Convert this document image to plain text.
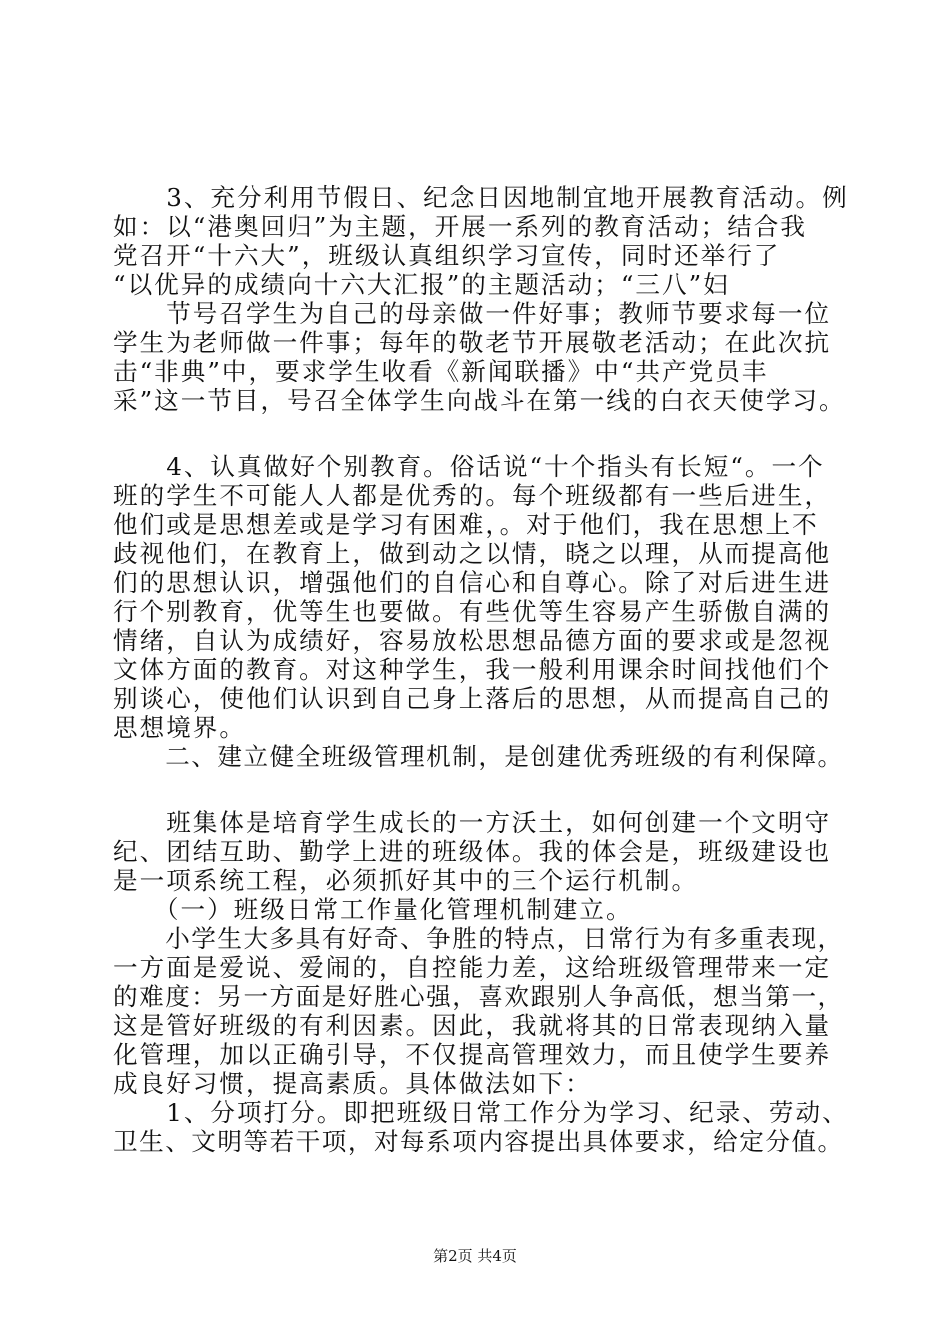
　　3、充分利用节假日、纪念日因地制宜地开展教育活动。例

如：以“港奥回归”为主题，开展一系列的教育活动；结合我

党召开“十六大”，班级认真组织学习宣传，同时还举行了

“以优异的成绩向十六大汇报”的主题活动；“三八”妇

　　节号召学生为自己的母亲做一件好事；教师节要求每一位

学生为老师做一件事；每年的敬老节开展敬老活动；在此次抗

击“非典”中，要求学生收看《新闻联播》中“共产党员丰

采”这一节目，号召全体学生向战斗在第一线的白衣天使学习。

　　4、认真做好个别教育。俗话说“十个指头有长短“。一个

班的学生不可能人人都是优秀的。每个班级都有一些后进生，

他们或是思想差或是学习有困难，。对于他们，我在思想上不

歧视他们，在教育上，做到动之以情，晓之以理，从而提高他

们的思想认识，增强他们的自信心和自尊心。除了对后进生进

行个别教育，优等生也要做。有些优等生容易产生骄傲自满的

情绪，自认为成绩好，容易放松思想品德方面的要求或是忽视

文体方面的教育。对这种学生，我一般利用课余时间找他们个

别谈心，使他们认识到自己身上落后的思想，从而提高自己的

思想境界。

　　二、建立健全班级管理机制，是创建优秀班级的有利保障。

　　班集体是培育学生成长的一方沃土，如何创建一个文明守

纪、团结互助、勤学上进的班级体。我的体会是，班级建设也

是一项系统工程，必须抓好其中的三个运行机制。

　　（一）班级日常工作量化管理机制建立。

　　小学生大多具有好奇、争胜的特点，日常行为有多重表现，

一方面是爱说、爱闹的，自控能力差，这给班级管理带来一定

的难度：另一方面是好胜心强，喜欢跟别人争高低，想当第一，

这是管好班级的有利因素。因此，我就将其的日常表现纳入量

化管理，加以正确引导，不仅提高管理效力，而且使学生要养

成良好习惯，提高素质。具体做法如下：

　　1、分项打分。即把班级日常工作分为学习、纪录、劳动、

卫生、文明等若干项，对每系项内容提出具体要求，给定分值。

第2页 共4页
